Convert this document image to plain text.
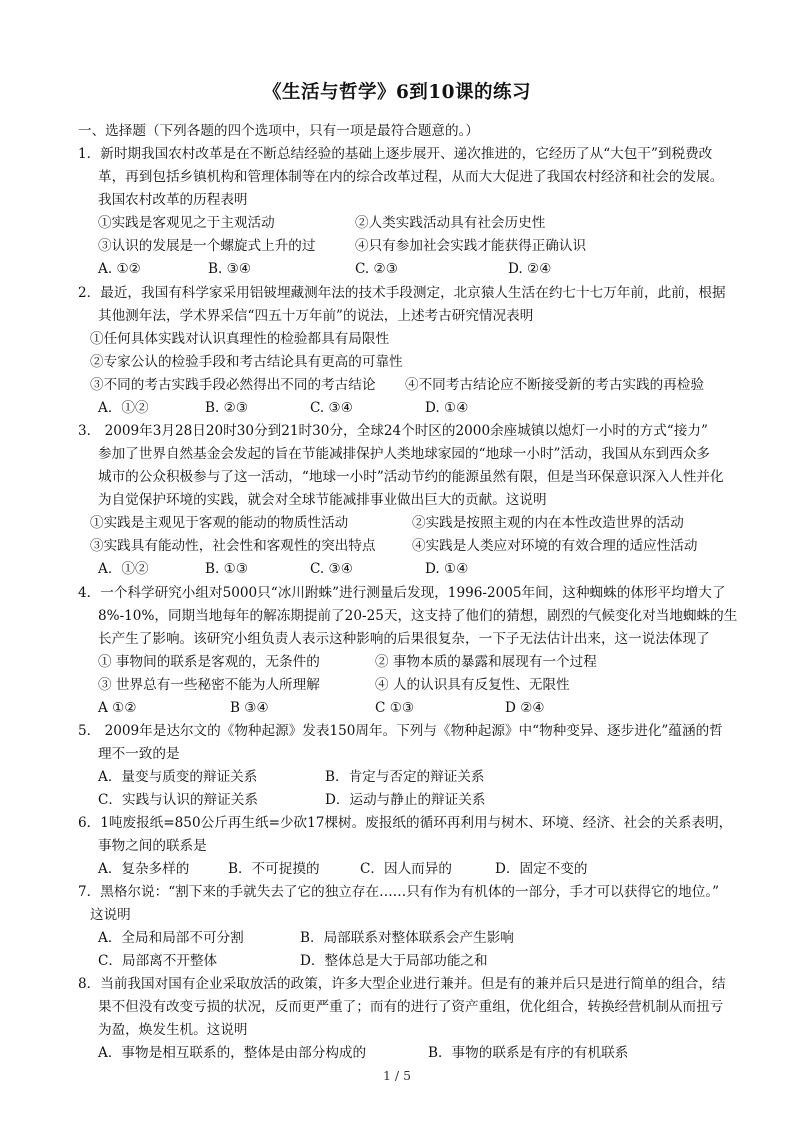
《生活与哲学》6到10课的练习
一、选择题（下列各题的四个选项中，只有一项是最符合题意的。）
1．新时期我国农村改革是在不断总结经验的基础上逐步展开、递次推进的，它经历了从“大包干”到税费改
革，再到包括乡镇机构和管理体制等在内的综合改革过程，从而大大促进了我国农村经济和社会的发展。
我国农村改革的历程表明
①实践是客观见之于主观活动	②人类实践活动具有社会历史性
③认识的发展是一个螺旋式上升的过	④只有参加社会实践才能获得正确认识
A. ①②	B. ③④	C. ②③	D. ②④
2．最近，我国有科学家采用铝铍埋藏测年法的技术手段测定，北京猿人生活在约七十七万年前，此前，根据
其他测年法，学术界采信“四五十万年前”的说法，上述考古研究情况表明
①任何具体实践对认识真理性的检验都具有局限性
②专家公认的检验手段和考古结论具有更高的可靠性
③不同的考古实践手段必然得出不同的考古结论 ④不同考古结论应不断接受新的考古实践的再检验
A．①②	B. ②③	C. ③④	D. ①④
3． 2009年3月28日20时30分到21时30分，全球24个时区的2000余座城镇以熄灯一小时的方式“接力”
参加了世界自然基金会发起的旨在节能减排保护人类地球家园的“地球一小时”活动，我国从东到西众多
城市的公众积极参与了这一活动，“地球一小时”活动节约的能源虽然有限，但是当环保意识深入人性并化
为自觉保护环境的实践，就会对全球节能减排事业做出巨大的贡献。这说明
①实践是主观见于客观的能动的物质性活动	②实践是按照主观的内在本性改造世界的活动
③实践具有能动性，社会性和客观性的突出特点	④实践是人类应对环境的有效合理的适应性活动
A．①②	B. ①③	C. ③④	D. ①④
4．一个科学研究小组对5000只“冰川跗蛛”进行测量后发现，1996-2005年间，这种蜘蛛的体形平均增大了
8%-10%，同期当地每年的解冻期提前了20-25天，这支持了他们的猜想，剧烈的气候变化对当地蜘蛛的生
长产生了影响。该研究小组负责人表示这种影响的后果很复杂，一下子无法估计出来，这一说法体现了
① 事物间的联系是客观的，无条件的	② 事物本质的暴露和展现有一个过程
③ 世界总有一些秘密不能为人所理解	④ 人的认识具有反复性、无限性
A ①②	B ③④	C ①③	D ②④
5． 2009年是达尔文的《物种起源》发表150周年。下列与《物种起源》中“物种变异、逐步进化”蕴涵的哲
理不一致的是
A．量变与质变的辩证关系	B．肯定与否定的辩证关系
C．实践与认识的辩证关系	D．运动与静止的辩证关系
6．1吨废报纸=850公斤再生纸=少砍17棵树。废报纸的循环再利用与树木、环境、经济、社会的关系表明，
事物之间的联系是
A．复杂多样的	B．不可捉摸的	C．因人而异的	D．固定不变的
7．黑格尔说：“割下来的手就失去了它的独立存在……只有作为有机体的一部分，手才可以获得它的地位。”
这说明
A．全局和局部不可分割	B．局部联系对整体联系会产生影响
C．局部离不开整体	D．整体总是大于局部功能之和
8．当前我国对国有企业采取放活的政策，许多大型企业进行兼并。但是有的兼并后只是进行简单的组合，结
果不但没有改变亏损的状况，反而更严重了；而有的进行了资产重组，优化组合，转换经营机制从而扭亏
为盈，焕发生机。这说明
A．事物是相互联系的，整体是由部分构成的	B．事物的联系是有序的有机联系
1 / 5
